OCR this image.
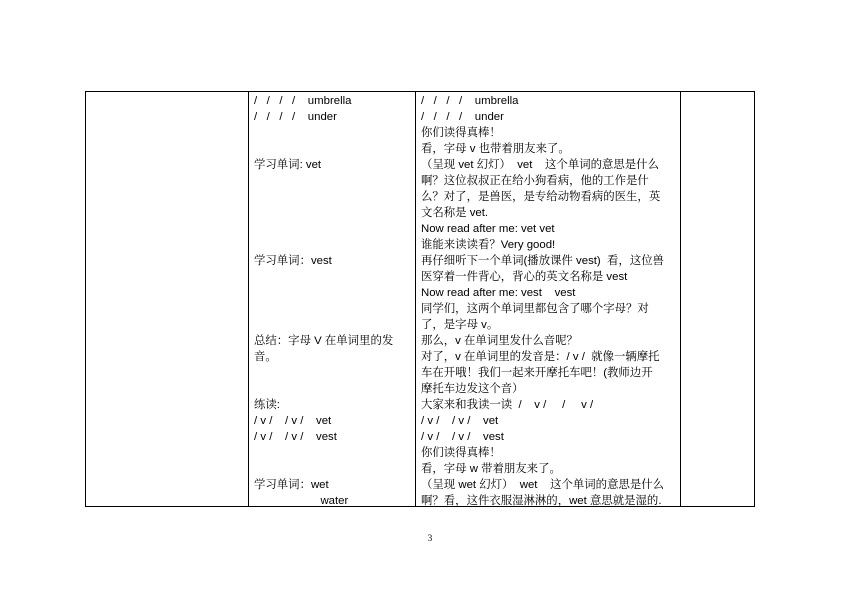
/   /   /   /    umbrella
/   /   /   /    under
学习单词: vet
学习单词：vest
总结：字母 V 在单词里的发
音。
练读:
/ v /    / v /    vet
/ v /    / v /    vest
学习单词：wet
water
/   /   /   /    umbrella
/   /   /   /    under
你们读得真棒！
看，字母 v 也带着朋友来了。
（呈现 vet 幻灯）  vet    这个单词的意思是什么
啊？这位叔叔正在给小狗看病，他的工作是什
么？对了，是兽医，是专给动物看病的医生，英
文名称是 vet.
Now read after me: vet vet
谁能来读读看？Very good!
再仔细听下一个单词(播放课件 vest)  看，这位兽
医穿着一件背心，背心的英文名称是 vest
Now read after me: vest    vest
同学们，这两个单词里都包含了哪个字母？对
了，是字母 v。
那么，v 在单词里发什么音呢？
对了，v 在单词里的发音是：/ v /  就像一辆摩托
车在开哦！我们一起来开摩托车吧！(教师边开
摩托车边发这个音）
大家来和我读一读  /    v /     /     v /
/ v /    / v /    vet
/ v /    / v /    vest
你们读得真棒！
看，字母 w 带着朋友来了。
（呈现 wet 幻灯）  wet    这个单词的意思是什么
啊？看，这件衣服湿淋淋的，wet 意思就是湿的.
3
